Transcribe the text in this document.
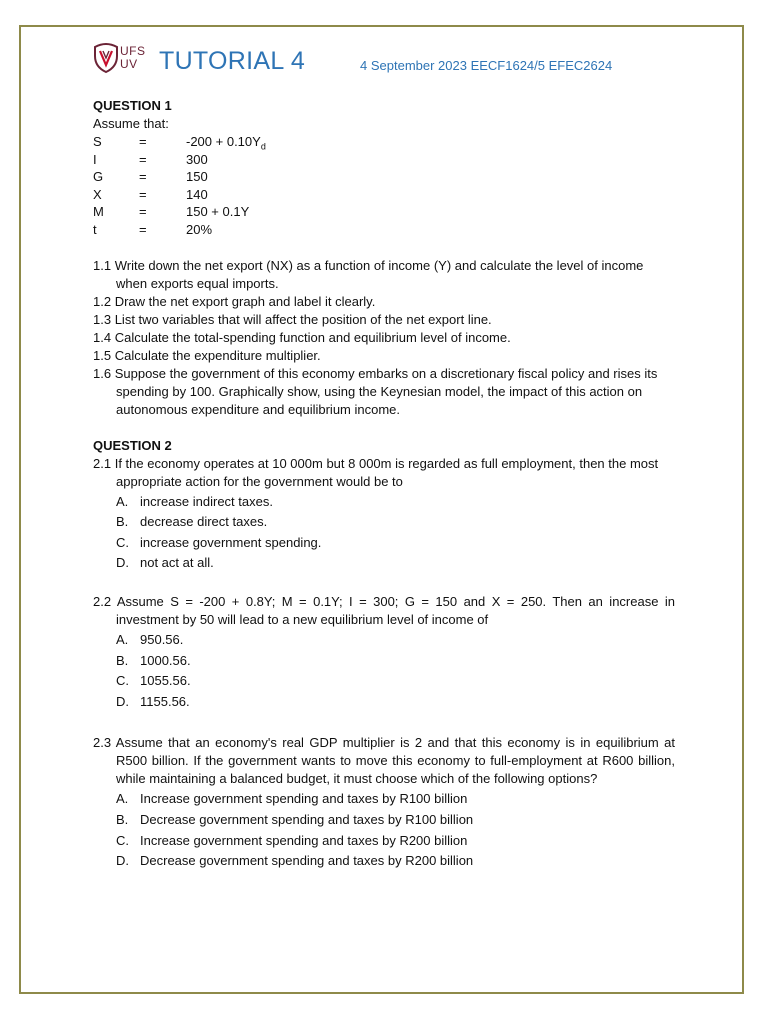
UFS
UV TUTORIAL 4	4 September 2023 EECF1624/5 EFEC2624
QUESTION 1
Assume that:
S	=	$-200 + 0.10Y_d$
I	=	300
G	=	150
X	=	140
M	=	150 + 0.1Y
t	=	20%
1.1 Write down the net export (NX) as a function of income (Y) and calculate the level of income when exports equal imports.
1.2 Draw the net export graph and label it clearly.
1.3 List two variables that will affect the position of the net export line.
1.4 Calculate the total-spending function and equilibrium level of income.
1.5 Calculate the expenditure multiplier.
1.6 Suppose the government of this economy embarks on a discretionary fiscal policy and rises its spending by 100. Graphically show, using the Keynesian model, the impact of this action on autonomous expenditure and equilibrium income.
QUESTION 2
2.1 If the economy operates at 10 000m but 8 000m is regarded as full employment, then the most appropriate action for the government would be to
A. increase indirect taxes.
B. decrease direct taxes.
C. increase government spending.
D. not act at all.
2.2 Assume S = -200 + 0.8Y; M = 0.1Y; I = 300; G = 150 and X = 250. Then an increase in investment by 50 will lead to a new equilibrium level of income of
A. 950.56.
B. 1000.56.
C. 1055.56.
D. 1155.56.
2.3 Assume that an economy's real GDP multiplier is 2 and that this economy is in equilibrium at R500 billion. If the government wants to move this economy to full-employment at R600 billion, while maintaining a balanced budget, it must choose which of the following options?
A. Increase government spending and taxes by R100 billion
B. Decrease government spending and taxes by R100 billion
C. Increase government spending and taxes by R200 billion
D. Decrease government spending and taxes by R200 billion
